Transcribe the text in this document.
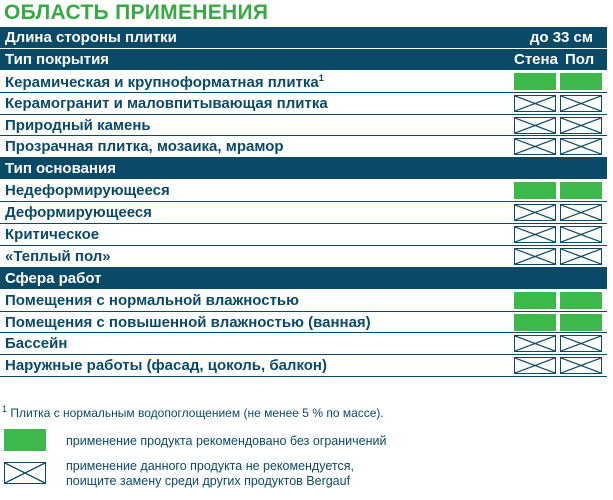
ОБЛАСТЬ ПРИМЕНЕНИЯ
Длина стороны плитки	до 33 см
Тип покрытия	Стена Пол
Керамическая и крупноформатная плитка$^1$
Керамогранит и маловпитывающая плитка
Природный камень
Прозрачная плитка, мозаика, мрамор
Тип основания
Недеформирующееся
Деформирующееся
Критическое
«Теплый пол»
Сфера работ
Помещения с нормальной влажностью
Помещения с повышенной влажностью (ванная)
Бассейн
Наружные работы (фасад, цоколь, балкон)
$^1$ Плитка с нормальным водопоглощением (не менее 5 % по массе).
применение продукта рекомендовано без ограничений
применение данного продукта не рекомендуется,
поищите замену среди других продуктов Bergauf
